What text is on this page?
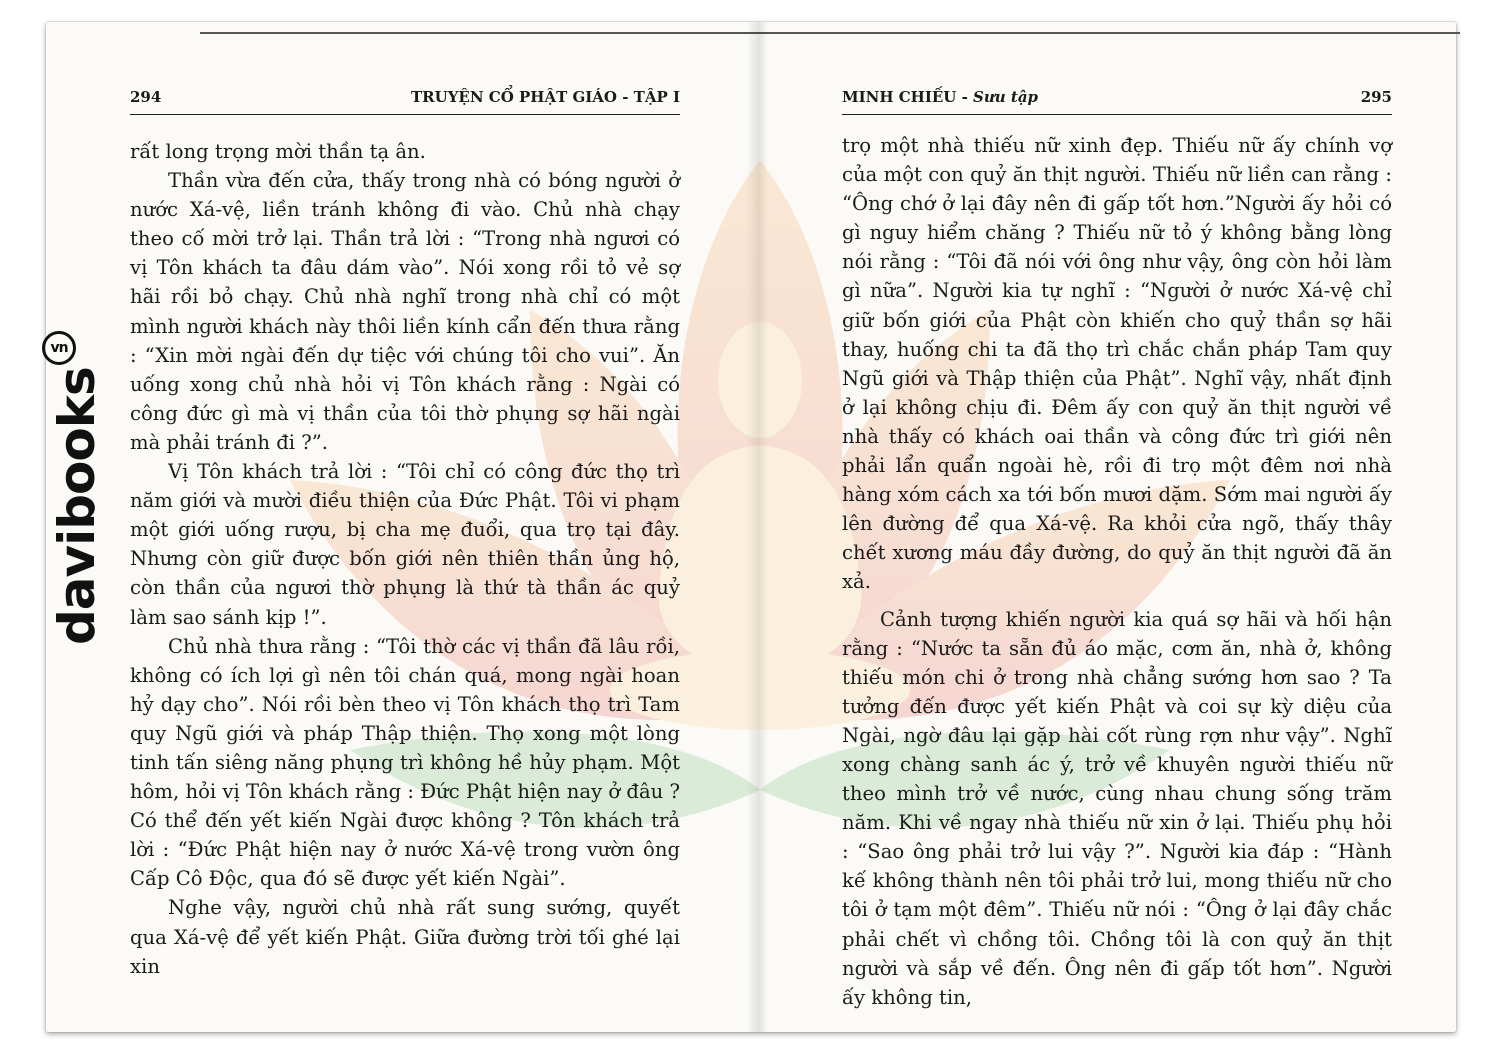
davibooksvn
294	TRUYỆN CỔ PHẬT GIÁO - TẬP I

rất long trọng mời thần tạ ân.

Thần vừa đến cửa, thấy trong nhà có bóng người ở nước Xá-vệ, liền tránh không đi vào. Chủ nhà chạy theo cố mời trở lại. Thần trả lời : “Trong nhà ngươi có vị Tôn khách ta đâu dám vào”. Nói xong rồi tỏ vẻ sợ hãi rồi bỏ chạy. Chủ nhà nghĩ trong nhà chỉ có một mình người khách này thôi liền kính cẩn đến thưa rằng : “Xin mời ngài đến dự tiệc với chúng tôi cho vui”. Ăn uống xong chủ nhà hỏi vị Tôn khách rằng : Ngài có công đức gì mà vị thần của tôi thờ phụng sợ hãi ngài mà phải tránh đi ?”.

Vị Tôn khách trả lời : “Tôi chỉ có công đức thọ trì năm giới và mười điều thiện của Đức Phật. Tôi vi phạm một giới uống rượu, bị cha mẹ đuổi, qua trọ tại đây. Nhưng còn giữ được bốn giới nên thiên thần ủng hộ, còn thần của ngươi thờ phụng là thứ tà thần ác quỷ làm sao sánh kịp !”.

Chủ nhà thưa rằng : “Tôi thờ các vị thần đã lâu rồi, không có ích lợi gì nên tôi chán quá, mong ngài hoan hỷ dạy cho”. Nói rồi bèn theo vị Tôn khách thọ trì Tam quy Ngũ giới và pháp Thập thiện. Thọ xong một lòng tinh tấn siêng năng phụng trì không hề hủy phạm. Một hôm, hỏi vị Tôn khách rằng : Đức Phật hiện nay ở đâu ? Có thể đến yết kiến Ngài được không ? Tôn khách trả lời : “Đức Phật hiện nay ở nước Xá-vệ trong vườn ông Cấp Cô Độc, qua đó sẽ được yết kiến Ngài”.

Nghe vậy, người chủ nhà rất sung sướng, quyết qua Xá-vệ để yết kiến Phật. Giữa đường trời tối ghé lại xin

MINH CHIẾU - Sưu tập	295

trọ một nhà thiếu nữ xinh đẹp. Thiếu nữ ấy chính vợ của một con quỷ ăn thịt người. Thiếu nữ liền can rằng : “Ông chớ ở lại đây nên đi gấp tốt hơn.”Người ấy hỏi có gì nguy hiểm chăng ? Thiếu nữ tỏ ý không bằng lòng nói rằng : “Tôi đã nói với ông như vậy, ông còn hỏi làm gì nữa”. Người kia tự nghĩ : “Người ở nước Xá-vệ chỉ giữ bốn giới của Phật còn khiến cho quỷ thần sợ hãi thay, huống chi ta đã thọ trì chắc chắn pháp Tam quy Ngũ giới và Thập thiện của Phật”. Nghĩ vậy, nhất định ở lại không chịu đi. Đêm ấy con quỷ ăn thịt người về nhà thấy có khách oai thần và công đức trì giới nên phải lẩn quẩn ngoài hè, rồi đi trọ một đêm nơi nhà hàng xóm cách xa tới bốn mươi dặm. Sớm mai người ấy lên đường để qua Xá-vệ. Ra khỏi cửa ngõ, thấy thây chết xương máu đầy đường, do quỷ ăn thịt người đã ăn xả.

Cảnh tượng khiến người kia quá sợ hãi và hối hận rằng : “Nước ta sẵn đủ áo mặc, cơm ăn, nhà ở, không thiếu món chi ở trong nhà chẳng sướng hơn sao ? Ta tưởng đến được yết kiến Phật và coi sự kỳ diệu của Ngài, ngờ đâu lại gặp hài cốt rùng rợn như vậy”. Nghĩ xong chàng sanh ác ý, trở về khuyên người thiếu nữ theo mình trở về nước, cùng nhau chung sống trăm năm. Khi về ngay nhà thiếu nữ xin ở lại. Thiếu phụ hỏi : “Sao ông phải trở lui vậy ?”. Người kia đáp : “Hành kế không thành nên tôi phải trở lui, mong thiếu nữ cho tôi ở tạm một đêm”. Thiếu nữ nói : “Ông ở lại đây chắc phải chết vì chồng tôi. Chồng tôi là con quỷ ăn thịt người và sắp về đến. Ông nên đi gấp tốt hơn”. Người ấy không tin,
